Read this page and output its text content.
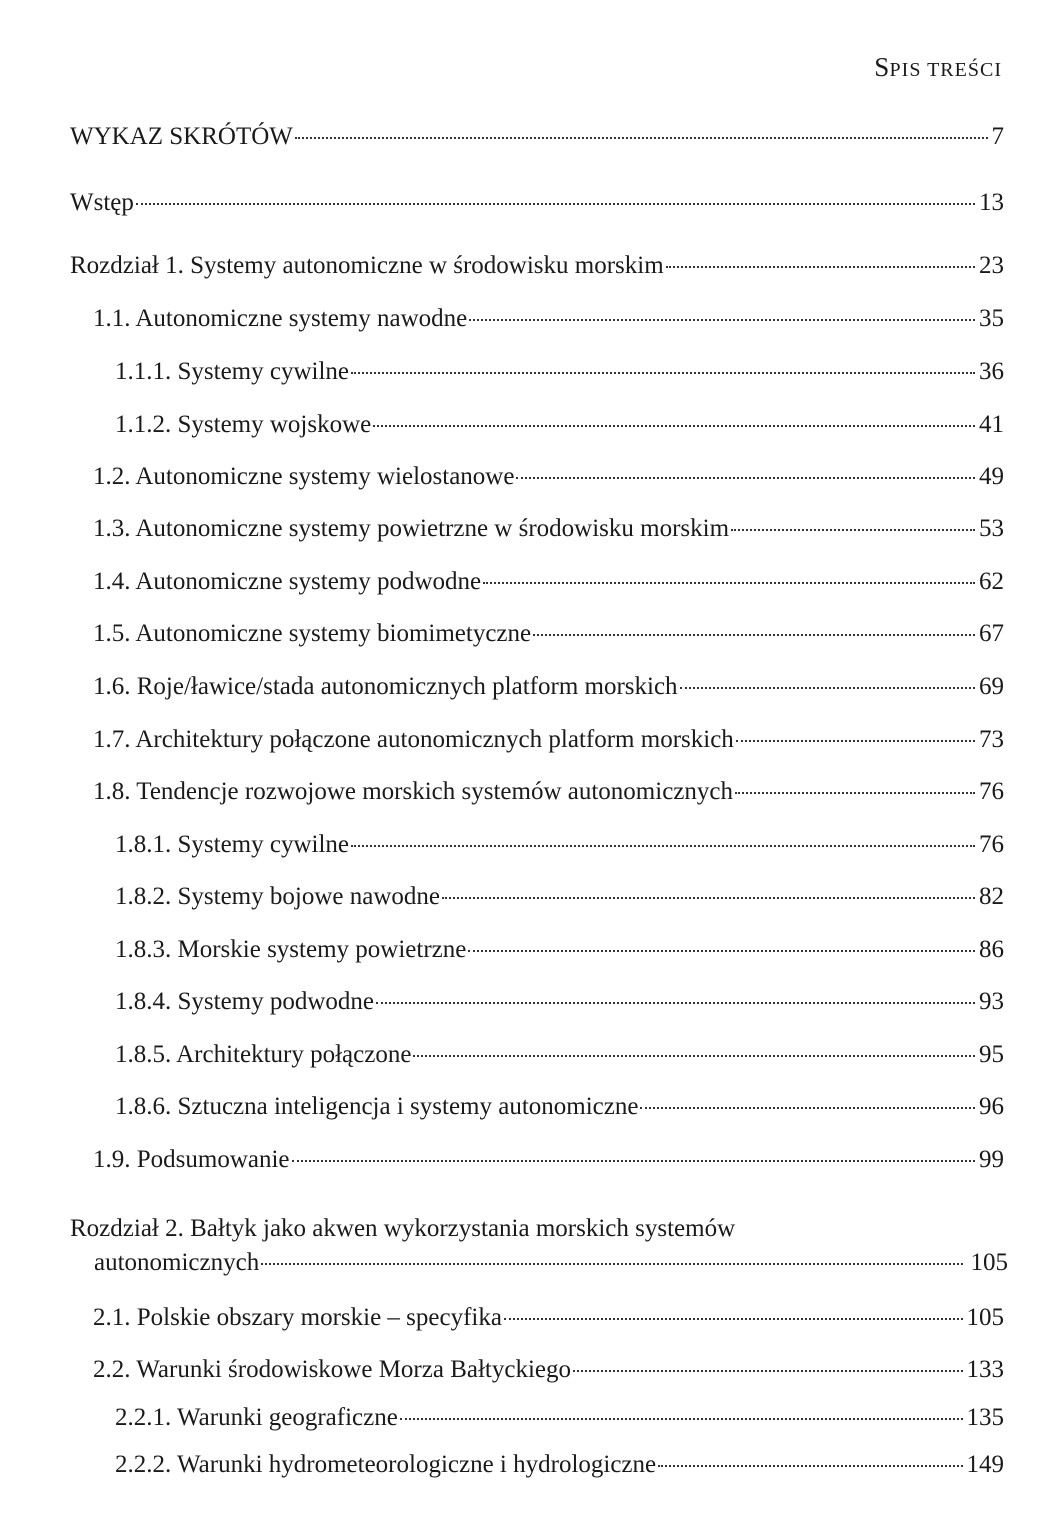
SPIS TREŚCI
WYKAZ SKRÓTÓW	7
Wstęp	13
Rozdział 1. Systemy autonomiczne w środowisku morskim	23
1.1. Autonomiczne systemy nawodne	35
1.1.1. Systemy cywilne	36
1.1.2. Systemy wojskowe	41
1.2. Autonomiczne systemy wielostanowe	49
1.3. Autonomiczne systemy powietrzne w środowisku morskim	53
1.4. Autonomiczne systemy podwodne	62
1.5. Autonomiczne systemy biomimetyczne	67
1.6. Roje/ławice/stada autonomicznych platform morskich	69
1.7. Architektury połączone autonomicznych platform morskich	73
1.8. Tendencje rozwojowe morskich systemów autonomicznych	76
1.8.1. Systemy cywilne	76
1.8.2. Systemy bojowe nawodne	82
1.8.3. Morskie systemy powietrzne	86
1.8.4. Systemy podwodne	93
1.8.5. Architektury połączone	95
1.8.6. Sztuczna inteligencja i systemy autonomiczne	96
1.9. Podsumowanie	99
Rozdział 2. Bałtyk jako akwen wykorzystania morskich systemów
autonomicznych	105
2.1. Polskie obszary morskie – specyfika	105
2.2. Warunki środowiskowe Morza Bałtyckiego	133
2.2.1. Warunki geograficzne	135
2.2.2. Warunki hydrometeorologiczne i hydrologiczne	149
